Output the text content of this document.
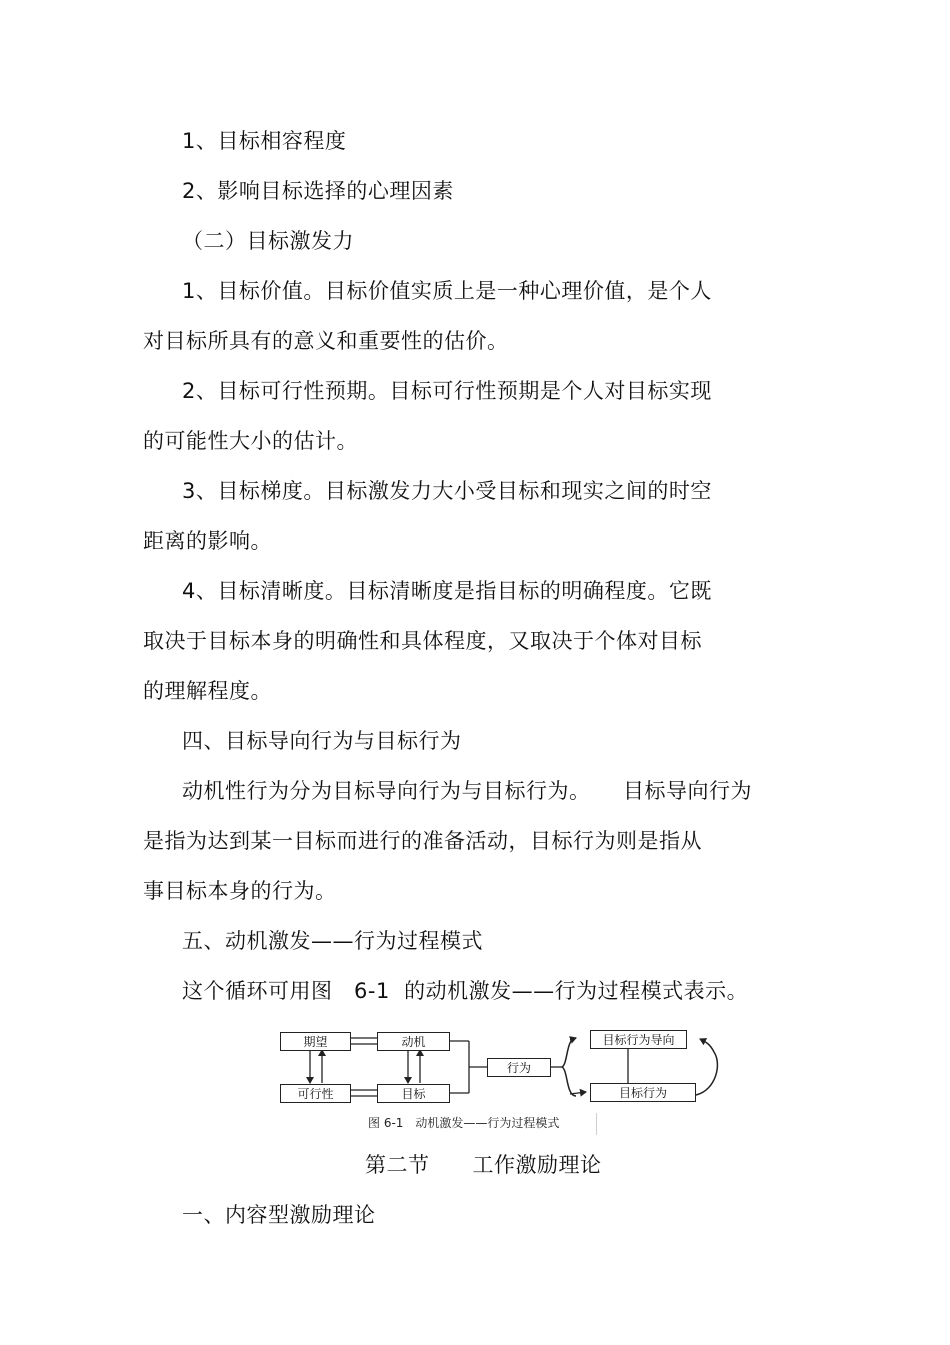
1、目标相容程度
2、影响目标选择的心理因素
（二）目标激发力
1、目标价值。目标价值实质上是一种心理价值，是个人
对目标所具有的意义和重要性的估价。
2、目标可行性预期。目标可行性预期是个人对目标实现
的可能性大小的估计。
3、目标梯度。目标激发力大小受目标和现实之间的时空
距离的影响。
4、目标清晰度。目标清晰度是指目标的明确程度。它既
取决于目标本身的明确性和具体程度，又取决于个体对目标
的理解程度。
四、目标导向行为与目标行为
动机性行为分为目标导向行为与目标行为。　　目标导向行为
是指为达到某一目标而进行的准备活动，目标行为则是指从
事目标本身的行为。
五、动机激发——行为过程模式
这个循环可用图　6-1  的动机激发——行为过程模式表示。
期望	动机
可行性	目标
行为
目标行为导向
目标行为
图 6-1　动机激发——行为过程模式
第二节　　工作激励理论
一、内容型激励理论
